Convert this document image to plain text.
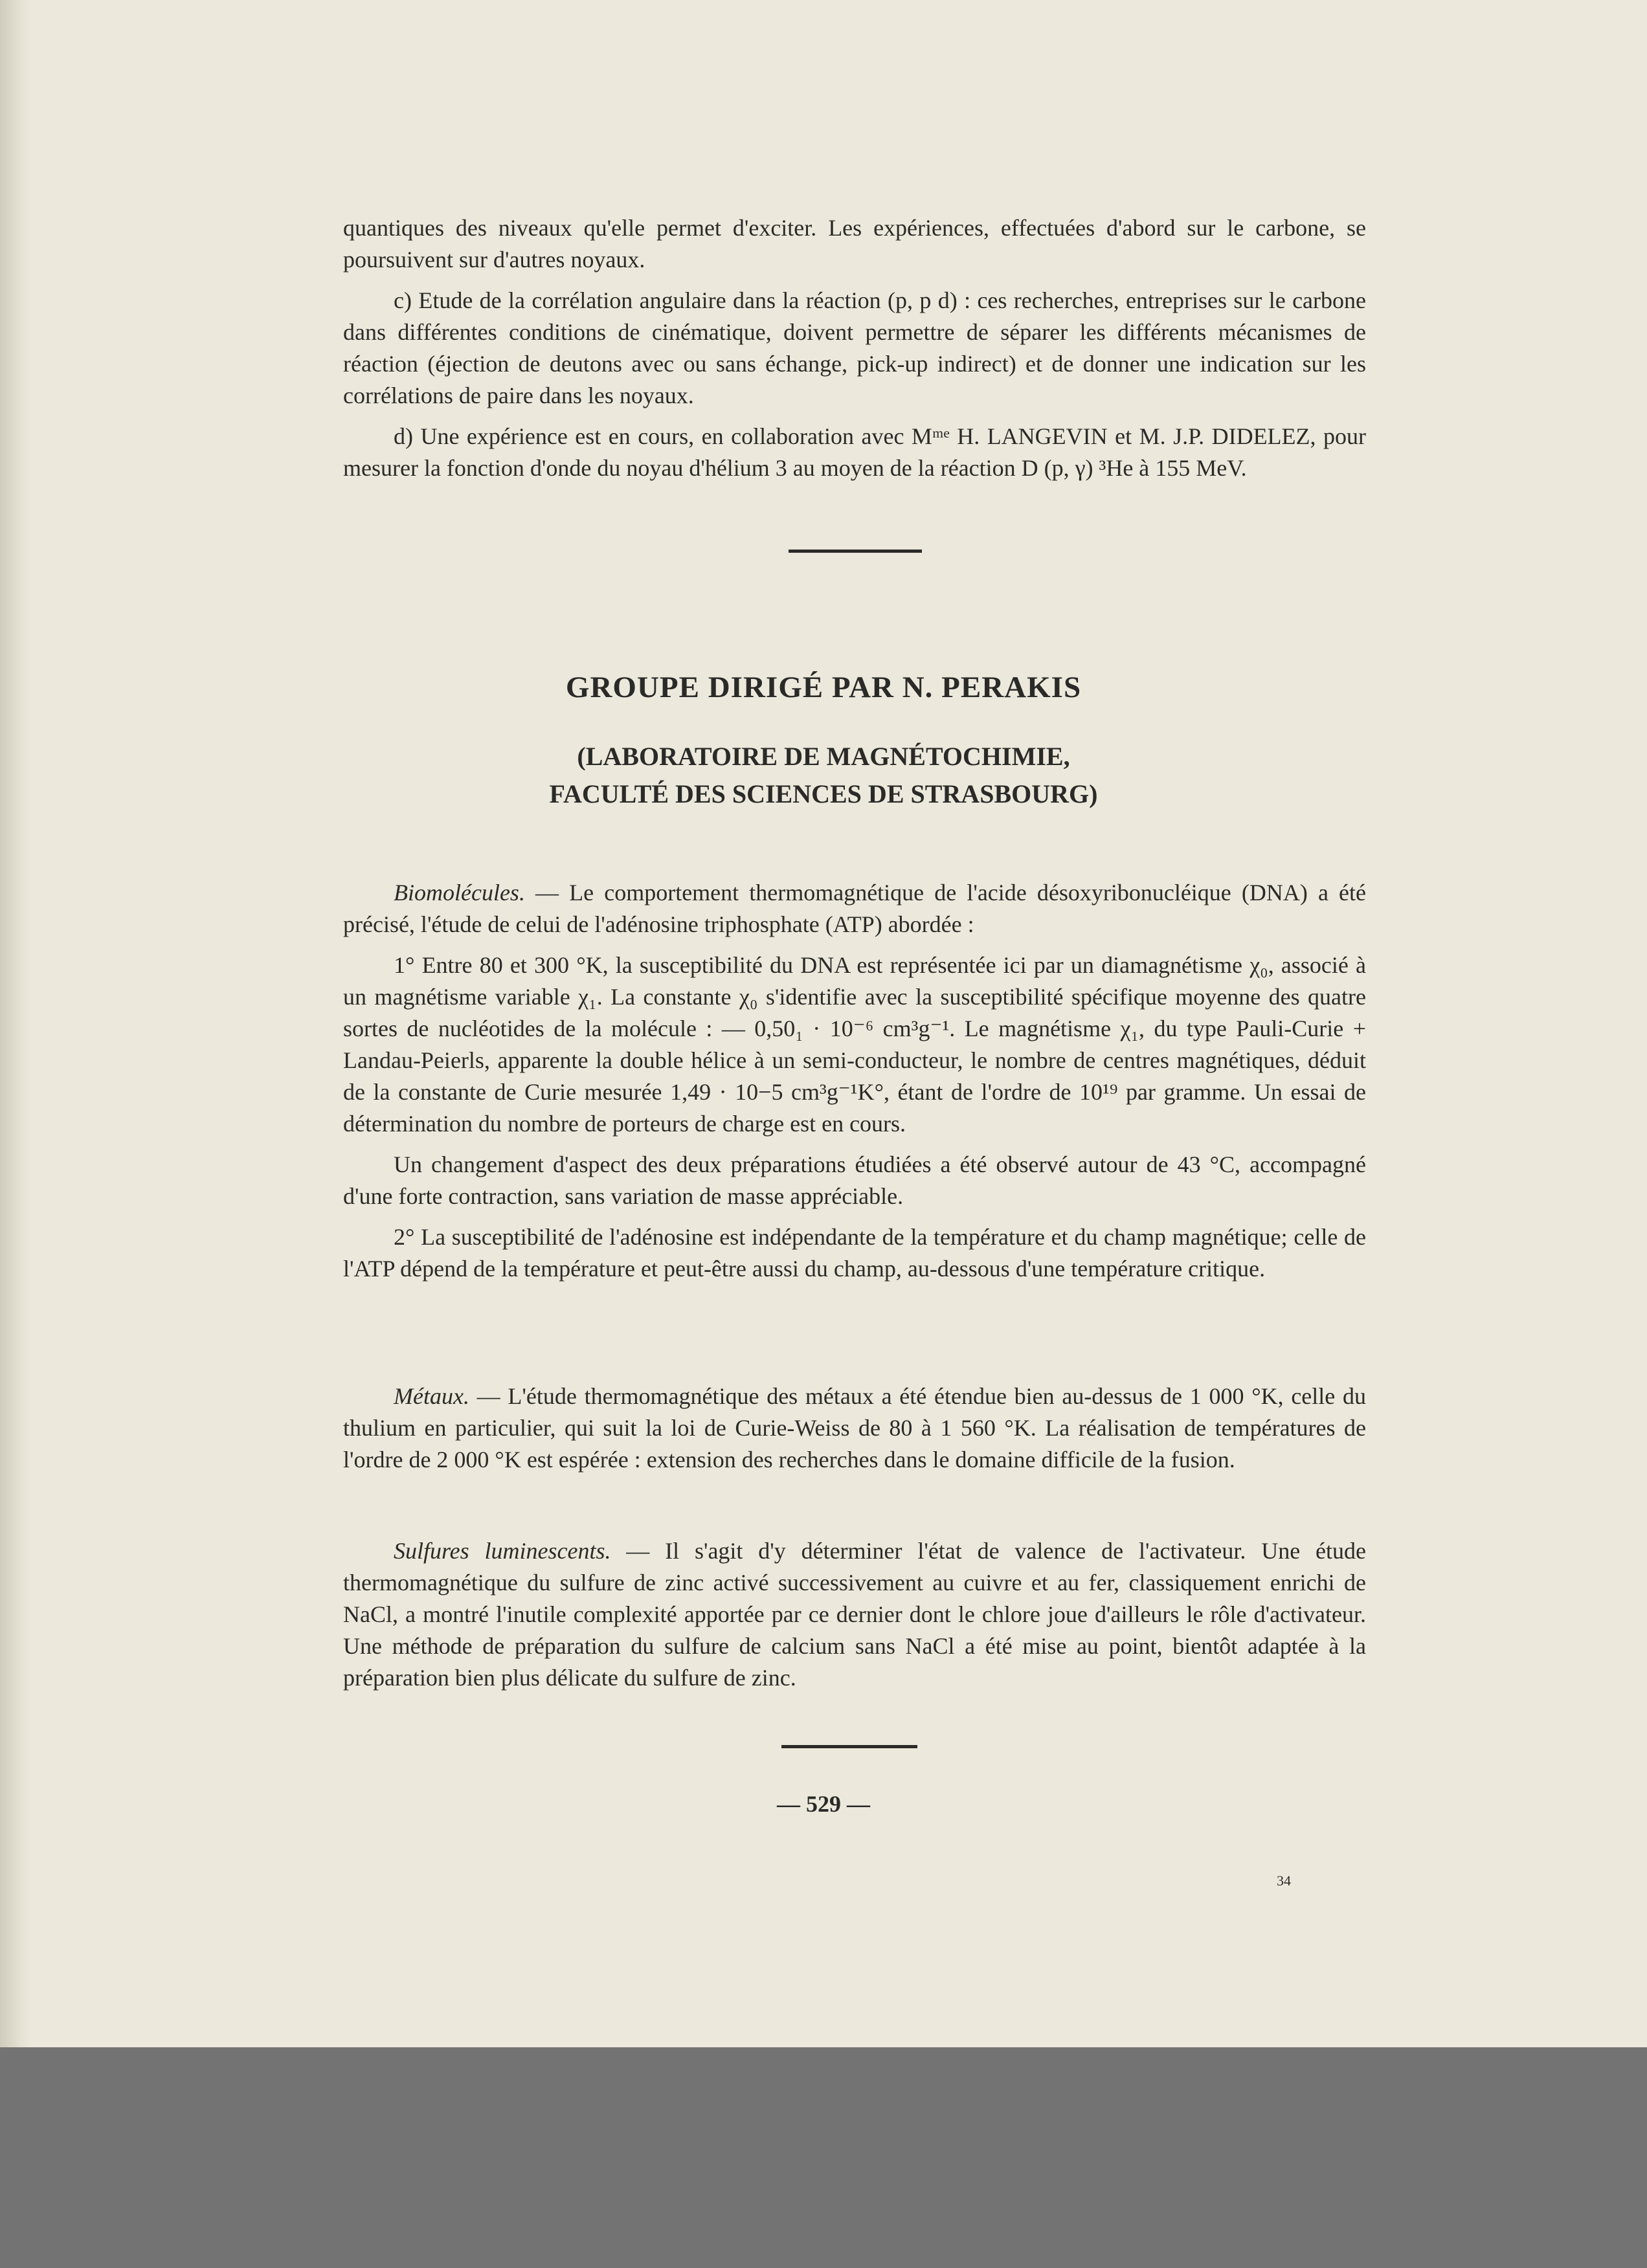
quantiques des niveaux qu'elle permet d'exciter. Les expériences, effectuées d'abord sur le carbone, se poursuivent sur d'autres noyaux.

c) Etude de la corrélation angulaire dans la réaction (p, p d) : ces recherches, entreprises sur le carbone dans différentes conditions de cinématique, doivent permettre de séparer les différents mécanismes de réaction (éjection de deutons avec ou sans échange, pick-up indirect) et de donner une indication sur les corrélations de paire dans les noyaux.

d) Une expérience est en cours, en collaboration avec Mᵐᵉ H. LANGEVIN et M. J.P. DIDELEZ, pour mesurer la fonction d'onde du noyau d'hélium 3 au moyen de la réaction D (p, γ) ³He à 155 MeV.

GROUPE DIRIGÉ PAR N. PERAKIS
(LABORATOIRE DE MAGNÉTOCHIMIE,
FACULTÉ DES SCIENCES DE STRASBOURG)

Biomolécules. — Le comportement thermomagnétique de l'acide désoxyribonucléique (DNA) a été précisé, l'étude de celui de l'adénosine triphosphate (ATP) abordée :

1° Entre 80 et 300 °K, la susceptibilité du DNA est représentée ici par un diamagnétisme χ₀, associé à un magnétisme variable χ₁. La constante χ₀ s'identifie avec la susceptibilité spécifique moyenne des quatre sortes de nucléotides de la molécule : — 0,50₁ · 10⁻⁶ cm³g⁻¹. Le magnétisme χ₁, du type Pauli-Curie + Landau-Peierls, apparente la double hélice à un semi-conducteur, le nombre de centres magnétiques, déduit de la constante de Curie mesurée 1,49 · 10−5 cm³g⁻¹K°, étant de l'ordre de 10¹⁹ par gramme. Un essai de détermination du nombre de porteurs de charge est en cours.

Un changement d'aspect des deux préparations étudiées a été observé autour de 43 °C, accompagné d'une forte contraction, sans variation de masse appréciable.

2° La susceptibilité de l'adénosine est indépendante de la température et du champ magnétique; celle de l'ATP dépend de la température et peut-être aussi du champ, au-dessous d'une température critique.

Métaux. — L'étude thermomagnétique des métaux a été étendue bien au-dessus de 1 000 °K, celle du thulium en particulier, qui suit la loi de Curie-Weiss de 80 à 1 560 °K. La réalisation de températures de l'ordre de 2 000 °K est espérée : extension des recherches dans le domaine difficile de la fusion.

Sulfures luminescents. — Il s'agit d'y déterminer l'état de valence de l'activateur. Une étude thermomagnétique du sulfure de zinc activé successivement au cuivre et au fer, classiquement enrichi de NaCl, a montré l'inutile complexité apportée par ce dernier dont le chlore joue d'ailleurs le rôle d'activateur. Une méthode de préparation du sulfure de calcium sans NaCl a été mise au point, bientôt adaptée à la préparation bien plus délicate du sulfure de zinc.

— 529 —
34
